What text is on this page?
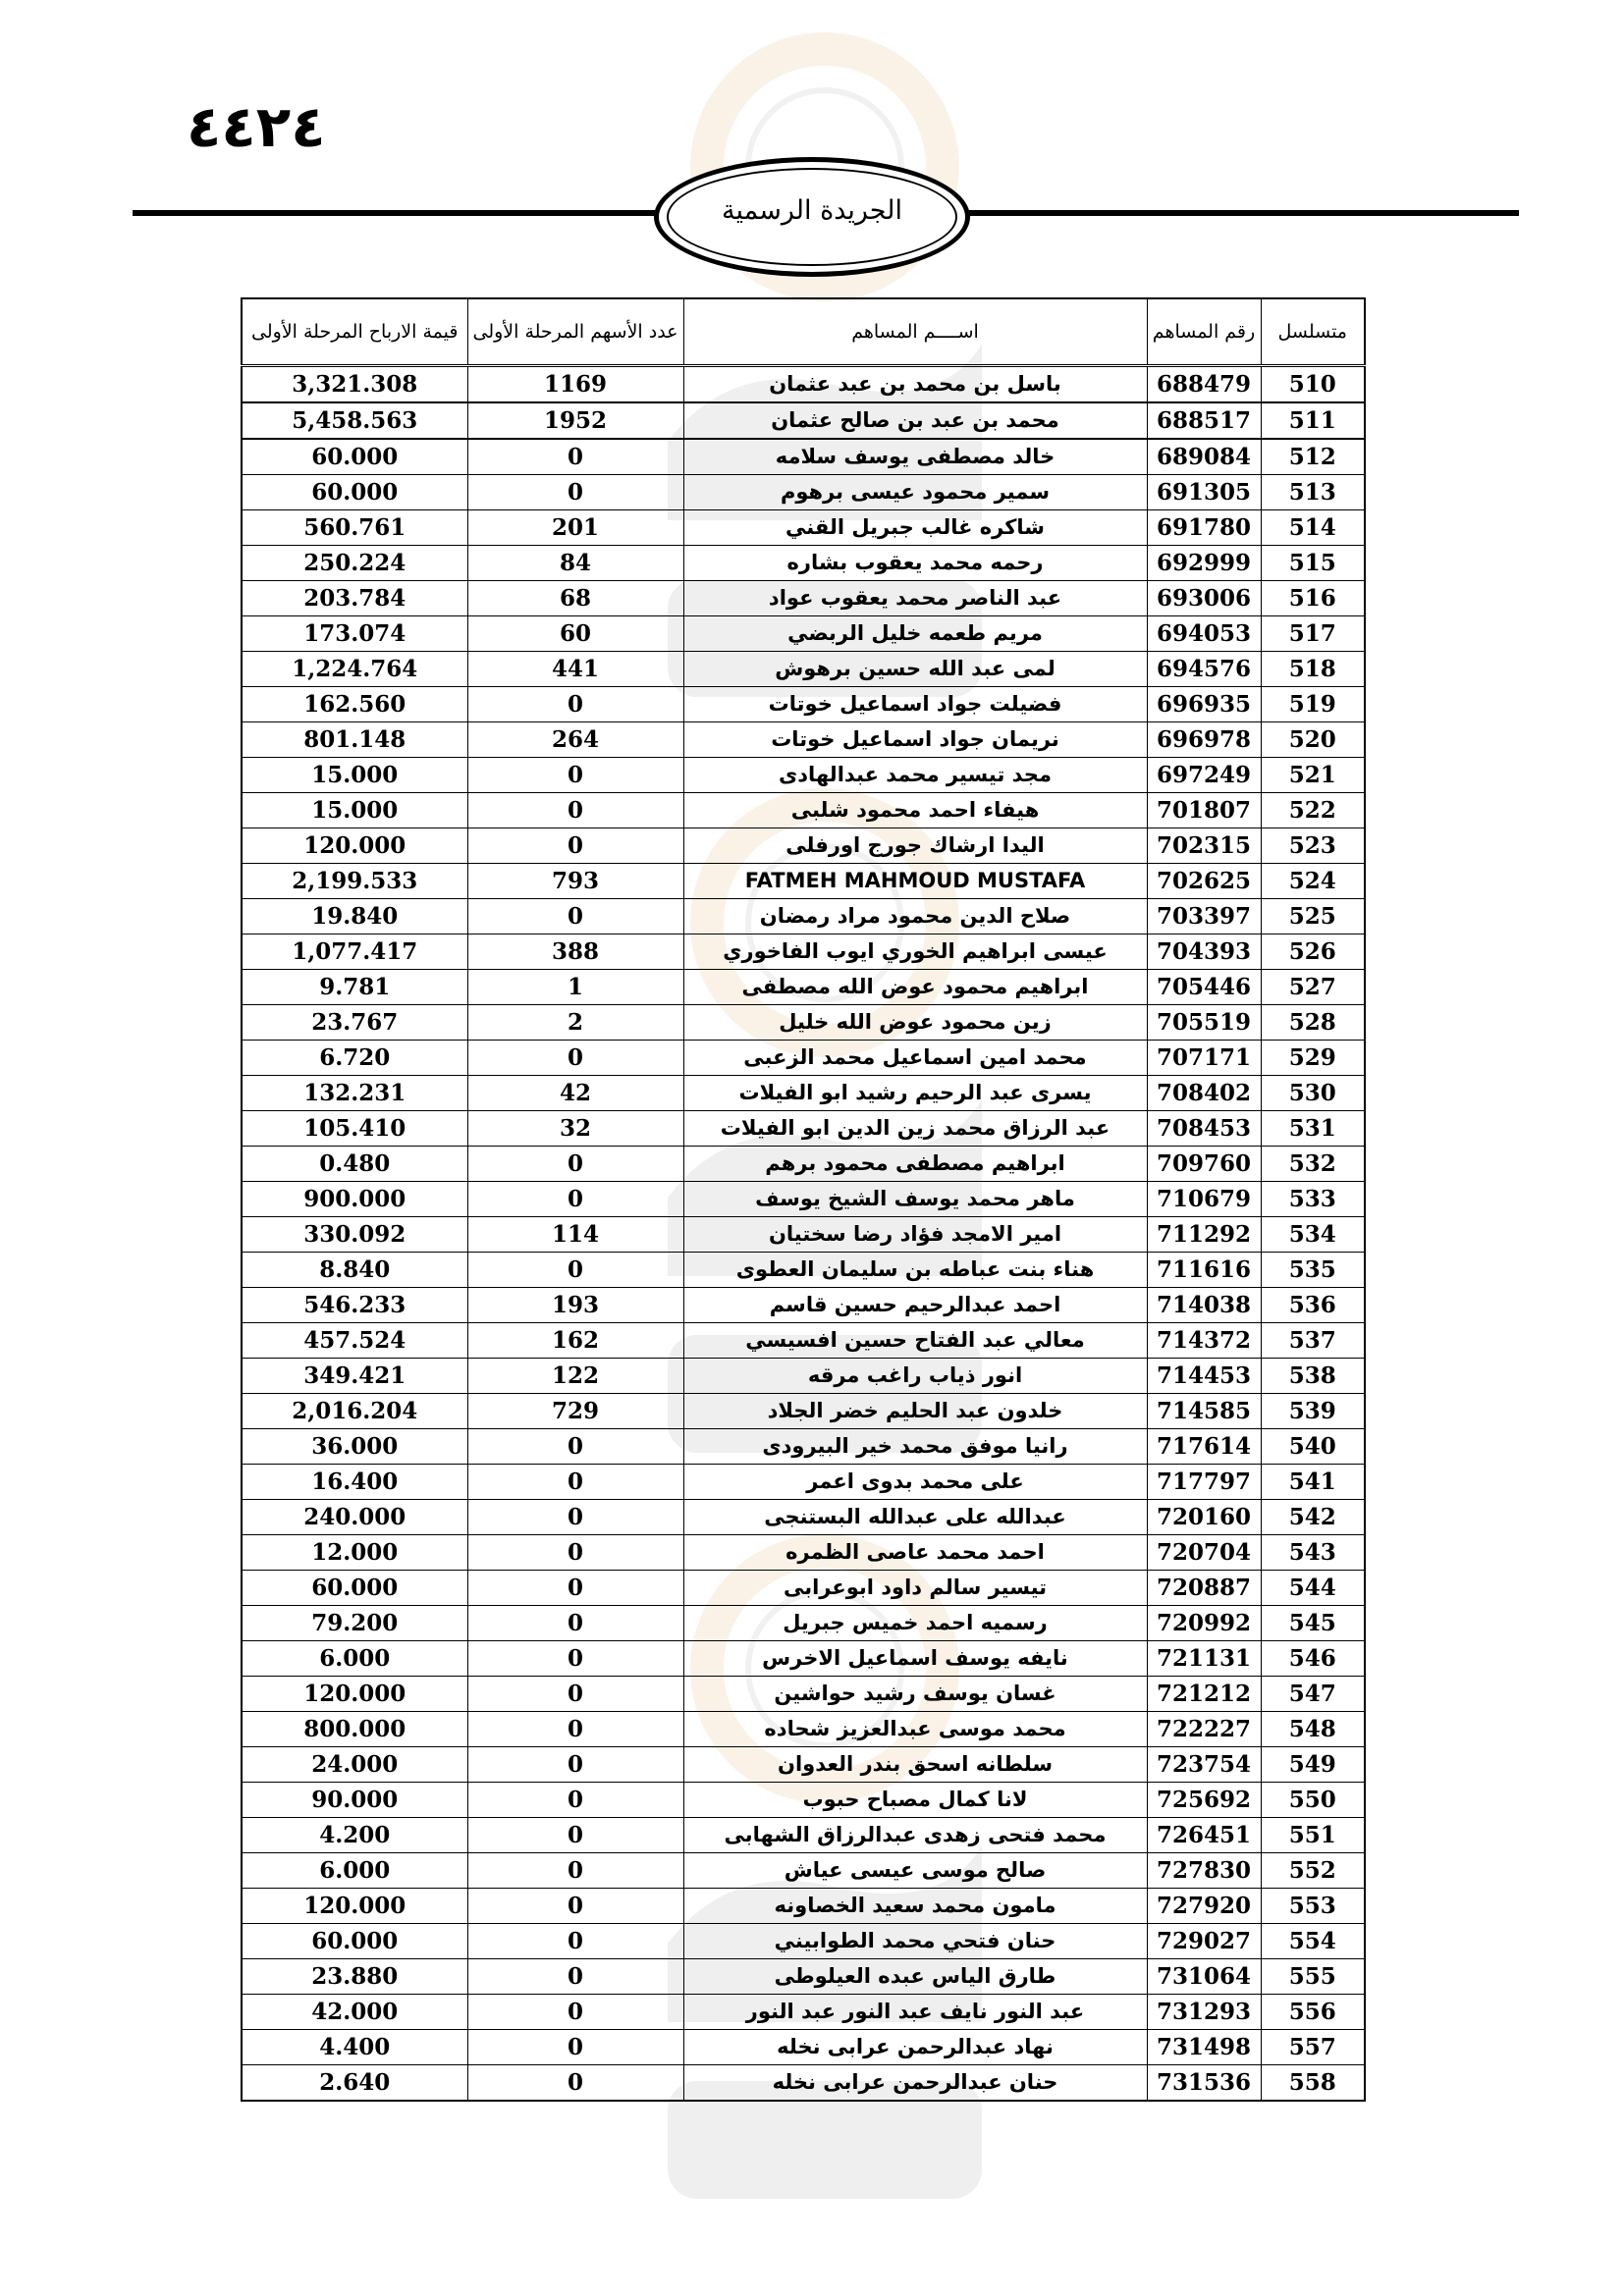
٤٤٢٤
الجريدة الرسمية
متسلسل	رقم المساهم	اســــم المساهم	عدد الأسهم المرحلة الأولى	قيمة الارباح المرحلة الأولى
510	688479	باسل بن محمد بن عبد عثمان	1169	3,321.308
511	688517	محمد بن عبد بن صالح عثمان	1952	5,458.563
512	689084	خالد مصطفى يوسف سلامه	0	60.000
513	691305	سمير محمود عيسى برهوم	0	60.000
514	691780	شاكره غالب جبريل القني	201	560.761
515	692999	رحمه محمد يعقوب بشاره	84	250.224
516	693006	عبد الناصر محمد يعقوب عواد	68	203.784
517	694053	مريم طعمه خليل الربضي	60	173.074
518	694576	لمى عبد الله حسين برهوش	441	1,224.764
519	696935	فضيلت جواد اسماعيل خوتات	0	162.560
520	696978	نريمان جواد اسماعيل خوتات	264	801.148
521	697249	مجد تيسير محمد عبدالهادى	0	15.000
522	701807	هيفاء احمد محمود شلبى	0	15.000
523	702315	اليدا ارشاك جورج اورفلى	0	120.000
524	702625	FATMEH MAHMOUD MUSTAFA	793	2,199.533
525	703397	صلاح الدين محمود مراد رمضان	0	19.840
526	704393	عيسى ابراهيم الخوري ايوب الفاخوري	388	1,077.417
527	705446	ابراهيم محمود عوض الله مصطفى	1	9.781
528	705519	زين محمود عوض الله خليل	2	23.767
529	707171	محمد امين اسماعيل محمد الزعبى	0	6.720
530	708402	يسرى عبد الرحيم رشيد ابو الفيلات	42	132.231
531	708453	عبد الرزاق محمد زين الدين ابو الفيلات	32	105.410
532	709760	ابراهيم مصطفى محمود برهم	0	0.480
533	710679	ماهر محمد يوسف الشيخ يوسف	0	900.000
534	711292	امير الامجد فؤاد رضا سختيان	114	330.092
535	711616	هناء بنت عباطه بن سليمان العطوى	0	8.840
536	714038	احمد عبدالرحيم حسين قاسم	193	546.233
537	714372	معالي عبد الفتاح حسين افسيسي	162	457.524
538	714453	انور ذياب راغب مرقه	122	349.421
539	714585	خلدون عبد الحليم خضر الجلاد	729	2,016.204
540	717614	رانيا موفق محمد خير البيرودى	0	36.000
541	717797	على محمد بدوى اعمر	0	16.400
542	720160	عبدالله على عبدالله البستنجى	0	240.000
543	720704	احمد محمد عاصى الظمره	0	12.000
544	720887	تيسير سالم داود ابوعرابى	0	60.000
545	720992	رسميه احمد خميس جبريل	0	79.200
546	721131	نايفه يوسف اسماعيل الاخرس	0	6.000
547	721212	غسان يوسف رشيد حواشين	0	120.000
548	722227	محمد موسى عبدالعزيز شحاده	0	800.000
549	723754	سلطانه اسحق بندر العدوان	0	24.000
550	725692	لانا كمال مصباح حبوب	0	90.000
551	726451	محمد فتحى زهدى عبدالرزاق الشهابى	0	4.200
552	727830	صالح موسى عيسى عياش	0	6.000
553	727920	مامون محمد سعيد الخصاونه	0	120.000
554	729027	حنان فتحي محمد الطوابيني	0	60.000
555	731064	طارق الياس عبده العيلوطى	0	23.880
556	731293	عبد النور نايف عبد النور عبد النور	0	42.000
557	731498	نهاد عبدالرحمن عرابى نخله	0	4.400
558	731536	حنان عبدالرحمن عرابى نخله	0	2.640
